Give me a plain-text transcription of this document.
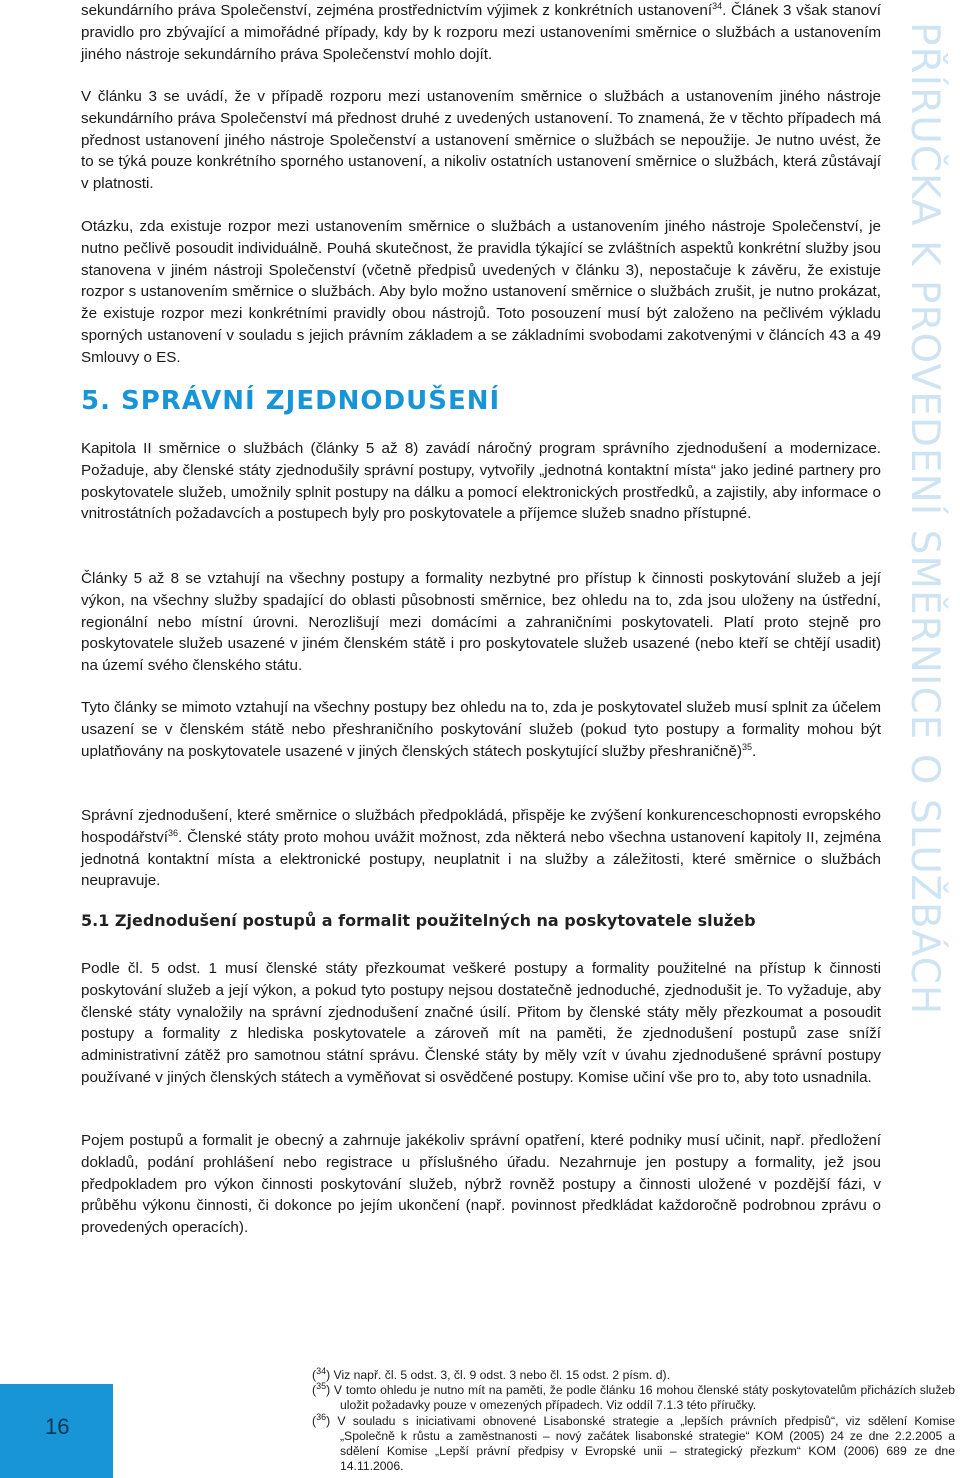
sekundárního práva Společenství, zejména prostřednictvím výjimek z konkrétních ustanovení$^{34}$. Článek 3 však stanoví pravidlo pro zbývající a mimořádné případy, kdy by k rozporu mezi ustanoveními směrnice o službách a ustanovením jiného nástroje sekundárního práva Společenství mohlo dojít.

V článku 3 se uvádí, že v případě rozporu mezi ustanovením směrnice o službách a ustanovením jiného nástroje sekundárního práva Společenství má přednost druhé z uvedených ustanovení. To znamená, že v těchto případech má přednost ustanovení jiného nástroje Společenství a ustanovení směrnice o službách se nepoužije. Je nutno uvést, že to se týká pouze konkrétního sporného ustanovení, a nikoliv ostatních ustanovení směrnice o službách, která zůstávají v platnosti.

Otázku, zda existuje rozpor mezi ustanovením směrnice o službách a ustanovením jiného nástroje Společenství, je nutno pečlivě posoudit individuálně. Pouhá skutečnost, že pravidla týkající se zvláštních aspektů konkrétní služby jsou stanovena v jiném nástroji Společenství (včetně předpisů uvedených v článku 3), nepostačuje k závěru, že existuje rozpor s ustanovením směrnice o službách. Aby bylo možno ustanovení směrnice o službách zrušit, je nutno prokázat, že existuje rozpor mezi konkrétními pravidly obou nástrojů. Toto posouzení musí být založeno na pečlivém výkladu sporných ustanovení v souladu s jejich právním základem a se základními svobodami zakotvenými v článcích 43 a 49 Smlouvy o ES.

Kapitola II směrnice o službách (články 5 až 8) zavádí náročný program správního zjednodušení a modernizace. Požaduje, aby členské státy zjednodušily správní postupy, vytvořily „jednotná kontaktní místa“ jako jediné partnery pro poskytovatele služeb, umožnily splnit postupy na dálku a pomocí elektronických prostředků, a zajistily, aby informace o vnitrostátních požadavcích a postupech byly pro poskytovatele a příjemce služeb snadno přístupné.

Články 5 až 8 se vztahují na všechny postupy a formality nezbytné pro přístup k činnosti poskytování služeb a její výkon, na všechny služby spadající do oblasti působnosti směrnice, bez ohledu na to, zda jsou uloženy na ústřední, regionální nebo místní úrovni. Nerozlišují mezi domácími a zahraničními poskytovateli. Platí proto stejně pro poskytovatele služeb usazené v jiném členském státě i pro poskytovatele služeb usazené (nebo kteří se chtějí usadit) na území svého členského státu.

Tyto články se mimoto vztahují na všechny postupy bez ohledu na to, zda je poskytovatel služeb musí splnit za účelem usazení se v členském státě nebo přeshraničního poskytování služeb (pokud tyto postupy a formality mohou být uplatňovány na poskytovatele usazené v jiných členských státech poskytující služby přeshraničně)$^{35}$.

Správní zjednodušení, které směrnice o službách předpokládá, přispěje ke zvýšení konkurenceschopnosti evropského hospodářství$^{36}$. Členské státy proto mohou uvážit možnost, zda některá nebo všechna ustanovení kapitoly II, zejména jednotná kontaktní místa a elektronické postupy, neuplatnit i na služby a záležitosti, které směrnice o službách neupravuje.

Podle čl. 5 odst. 1 musí členské státy přezkoumat veškeré postupy a formality použitelné na přístup k činnosti poskytování služeb a její výkon, a pokud tyto postupy nejsou dostatečně jednoduché, zjednodušit je. To vyžaduje, aby členské státy vynaložily na správní zjednodušení značné úsilí. Přitom by členské státy měly přezkoumat a posoudit postupy a formality z hlediska poskytovatele a zároveň mít na paměti, že zjednodušení postupů zase sníží administrativní zátěž pro samotnou státní správu. Členské státy by měly vzít v úvahu zjednodušené správní postupy používané v jiných členských státech a vyměňovat si osvědčené postupy. Komise učiní vše pro to, aby toto usnadnila.

Pojem postupů a formalit je obecný a zahrnuje jakékoliv správní opatření, které podniky musí učinit, např. předložení dokladů, podání prohlášení nebo registrace u příslušného úřadu. Nezahrnuje jen postupy a formality, jež jsou předpokladem pro výkon činnosti poskytování služeb, nýbrž rovněž postupy a činnosti uložené v pozdější fázi, v průběhu výkonu činnosti, či dokonce po jejím ukončení (např. povinnost předkládat každoročně podrobnou zprávu o provedených operacích).

5. SPRÁVNÍ ZJEDNODUŠENÍ
5.1 Zjednodušení postupů a formalit použitelných na poskytovatele služeb	PŘÍRUČKA K PROVEDENÍ SMĚRNICE O SLUŽBÁCH
16

($^{34}$) Viz např. čl. 5 odst. 3, čl. 9 odst. 3 nebo čl. 15 odst. 2 písm. d).

($^{35}$) V tomto ohledu je nutno mít na paměti, že podle článku 16 mohou členské státy poskytovatelům přicházích služeb uložit požadavky pouze v omezených případech. Viz oddíl 7.1.3 této příručky.

($^{36}$) V souladu s iniciativami obnovené Lisabonské strategie a „lepších právních předpisů“, viz sdělení Komise „Společně k růstu a zaměstnanosti – nový začátek lisabonské strategie“ KOM (2005) 24 ze dne 2.2.2005 a sdělení Komise „Lepší právní předpisy v Evropské unii – strategický přezkum“ KOM (2006) 689 ze dne 14.11.2006.
